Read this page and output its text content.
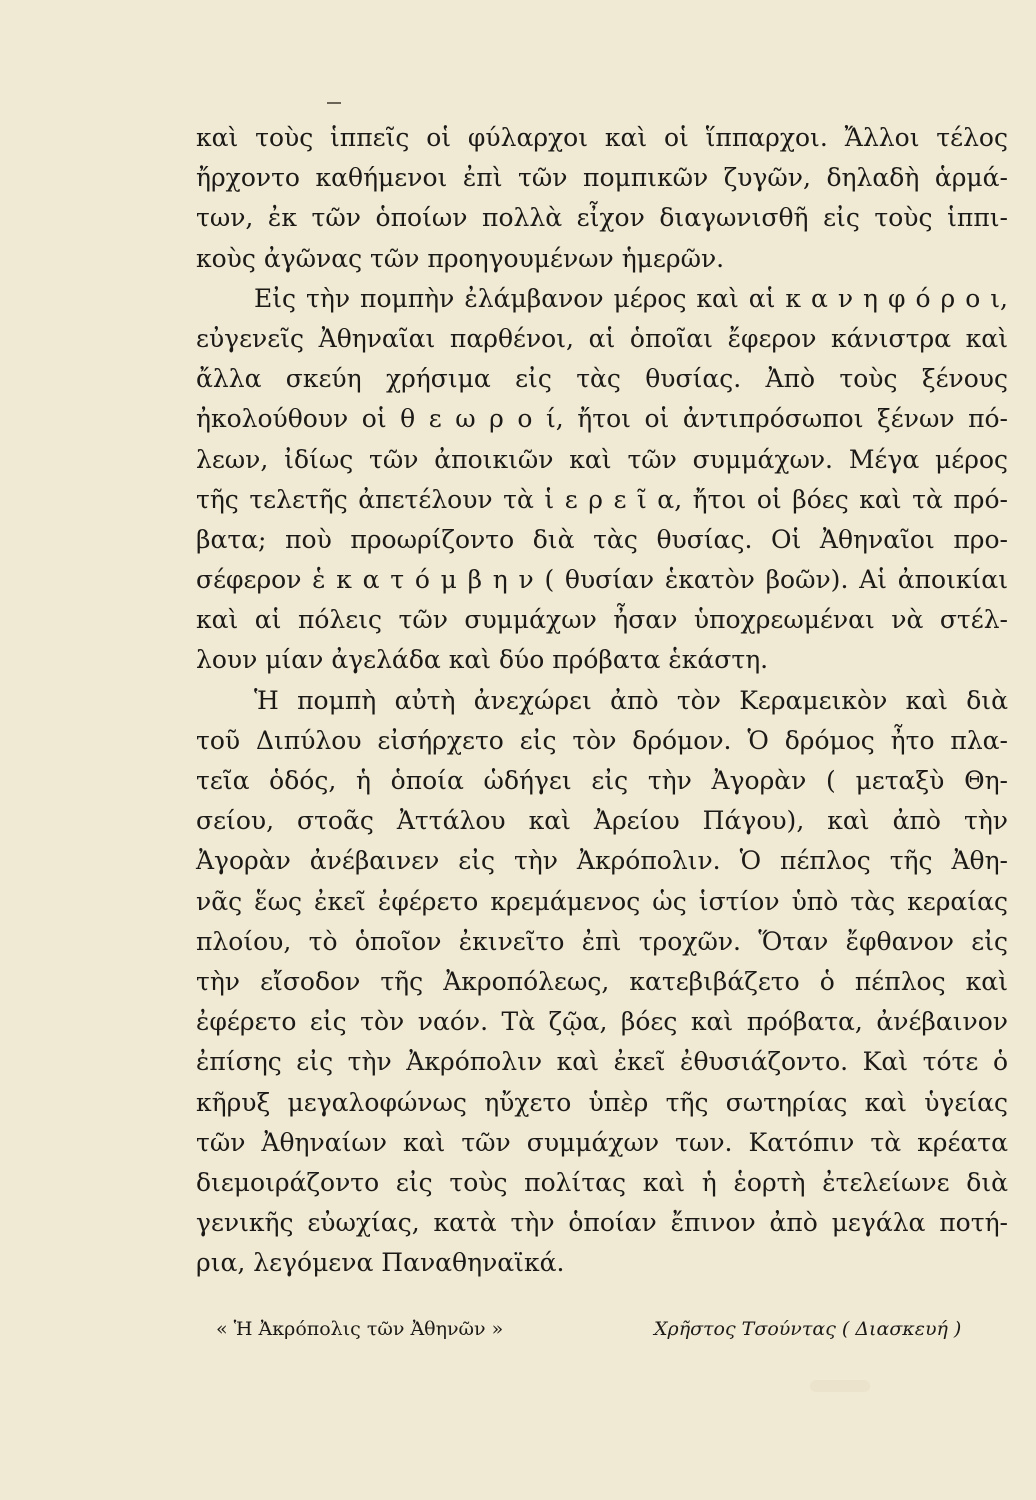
καὶ τοὺς ἱππεῖς οἱ φύλαρχοι καὶ οἱ ἵππαρχοι. Ἄλλοι τέλος
ἤρχοντο καθήμενοι ἐπὶ τῶν πομπικῶν ζυγῶν, δηλαδὴ ἁρμά-
των, ἐκ τῶν ὁποίων πολλὰ εἶχον διαγωνισθῆ εἰς τοὺς ἱππι-
κοὺς ἀγῶνας τῶν προηγουμένων ἡμερῶν.
Εἰς τὴν πομπὴν ἐλάμβανον μέρος καὶ αἱ κ α ν η φ ό ρ ο ι,
εὐγενεῖς Ἀθηναῖαι παρθένοι, αἱ ὁποῖαι ἔφερον κάνιστρα καὶ
ἄλλα σκεύη χρήσιμα εἰς τὰς θυσίας. Ἀπὸ τοὺς ξένους
ἠκολούθουν οἱ θ ε ω ρ ο ί, ἤτοι οἱ ἀντιπρόσωποι ξένων πό-
λεων, ἰδίως τῶν ἀποικιῶν καὶ τῶν συμμάχων. Μέγα μέρος
τῆς τελετῆς ἀπετέλουν τὰ ἱ ε ρ ε ῖ α, ἤτοι οἱ βόες καὶ τὰ πρό-
βατα; ποὺ προωρίζοντο διὰ τὰς θυσίας. Οἱ Ἀθηναῖοι προ-
σέφερον ἑ κ α τ ό μ β η ν ( θυσίαν ἑκατὸν βοῶν). Αἱ ἀποικίαι
καὶ αἱ πόλεις τῶν συμμάχων ἦσαν ὑποχρεωμέναι νὰ στέλ-
λουν μίαν ἀγελάδα καὶ δύο πρόβατα ἑκάστη.
Ἡ πομπὴ αὐτὴ ἀνεχώρει ἀπὸ τὸν Κεραμεικὸν καὶ διὰ
τοῦ Διπύλου εἰσήρχετο εἰς τὸν δρόμον. Ὁ δρόμος ἦτο πλα-
τεῖα ὁδός, ἡ ὁποία ὡδήγει εἰς τὴν Ἀγορὰν ( μεταξὺ Θη-
σείου, στοᾶς Ἀττάλου καὶ Ἀρείου Πάγου), καὶ ἀπὸ τὴν
Ἀγορὰν ἀνέβαινεν εἰς τὴν Ἀκρόπολιν. Ὁ πέπλος τῆς Ἀθη-
νᾶς ἕως ἐκεῖ ἐφέρετο κρεμάμενος ὡς ἱστίον ὑπὸ τὰς κεραίας
πλοίου, τὸ ὁποῖον ἐκινεῖτο ἐπὶ τροχῶν. Ὅταν ἔφθανον εἰς
τὴν εἴσοδον τῆς Ἀκροπόλεως, κατεβιβάζετο ὁ πέπλος καὶ
ἐφέρετο εἰς τὸν ναόν. Τὰ ζῷα, βόες καὶ πρόβατα, ἀνέβαινον
ἐπίσης εἰς τὴν Ἀκρόπολιν καὶ ἐκεῖ ἐθυσιάζοντο. Καὶ τότε ὁ
κῆρυξ μεγαλοφώνως ηὔχετο ὑπὲρ τῆς σωτηρίας καὶ ὑγείας
τῶν Ἀθηναίων καὶ τῶν συμμάχων των. Κατόπιν τὰ κρέατα
διεμοιράζοντο εἰς τοὺς πολίτας καὶ ἡ ἑορτὴ ἐτελείωνε διὰ
γενικῆς εὐωχίας, κατὰ τὴν ὁποίαν ἔπινον ἀπὸ μεγάλα ποτή-
ρια, λεγόμενα Παναθηναϊκά.
« Ἡ Ἀκρόπολις τῶν Ἀθηνῶν »	Χρῆστος Τσούντας ( Διασκευή )
